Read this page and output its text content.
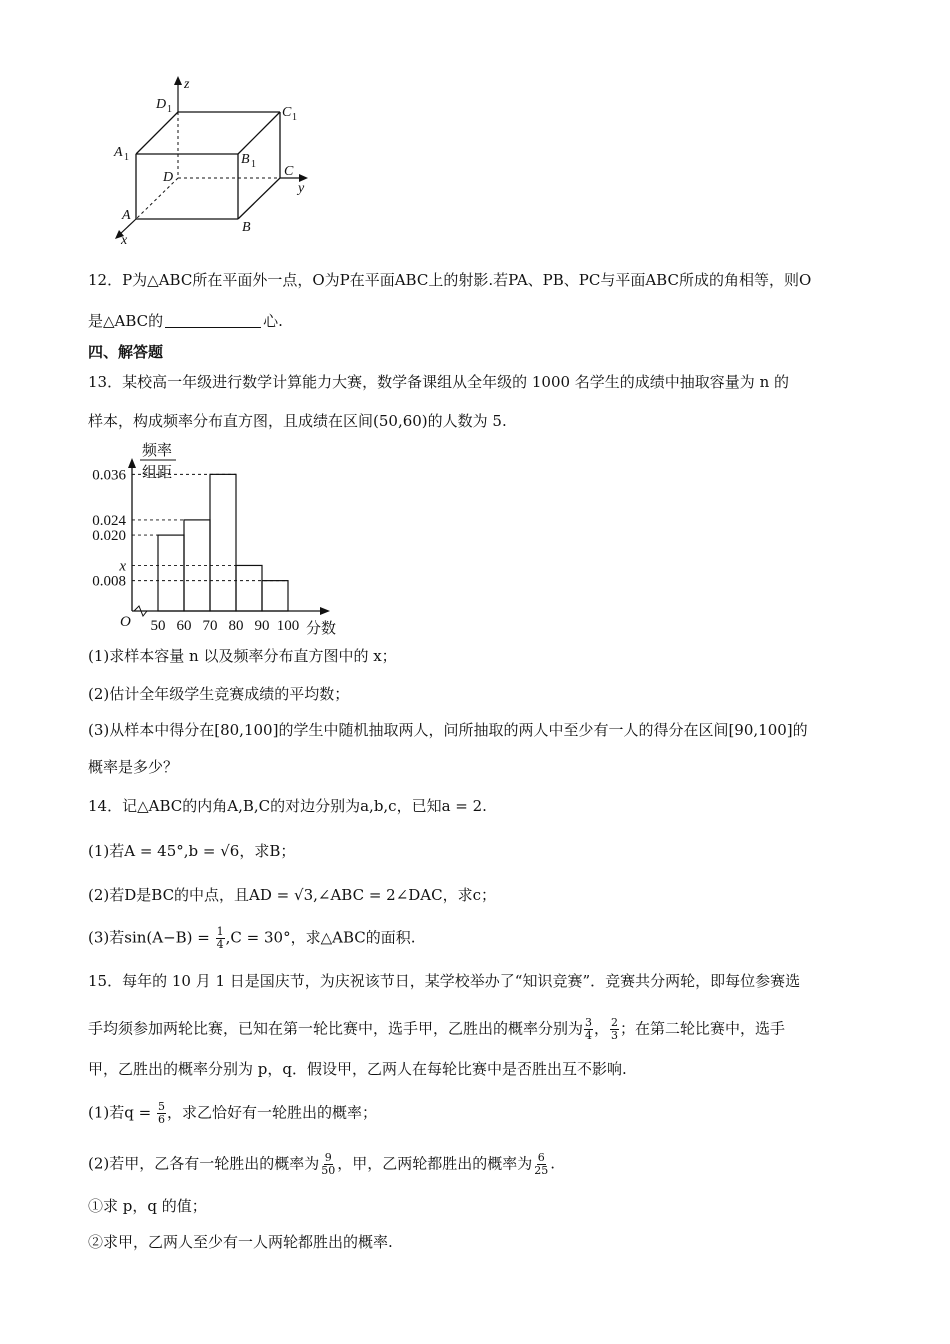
z
y
x
D 1	C 1
A 1	B 1
D	C
A
B
12．P为△ABC所在平面外一点，O为P在平面ABC上的射影.若PA、PB、PC与平面ABC所成的角相等，则O
是△ABC的	心.
四、解答题
13．某校高一年级进行数学计算能力大赛，数学备课组从全年级的 1000 名学生的成绩中抽取容量为 n 的
样本，构成频率分布直方图，且成绩在区间(50,60)的人数为 5.
0.036
0.024
0.020
x
0.008
50 60 70 80 90 100
O	分数
频率
组距
(1)求样本容量 n 以及频率分布直方图中的 x；
(2)估计全年级学生竞赛成绩的平均数；
(3)从样本中得分在[80,100]的学生中随机抽取两人，问所抽取的两人中至少有一人的得分在区间[90,100]的
概率是多少？
14．记△ABC的内角A,B,C的对边分别为a,b,c，已知a = 2.
(1)若A = 45°,b = √6，求B；
(2)若D是BC的中点，且AD = √3,∠ABC = 2∠DAC，求c；
(3)若$\sin(A-B) = \frac{1}{4} ,C = 30^\circ$，求△ABC的面积.
15．每年的 10 月 1 日是国庆节，为庆祝该节日，某学校举办了“知识竞赛”．竞赛共分两轮，即每位参赛选
手均须参加两轮比赛，已知在第一轮比赛中，选手甲，乙胜出的概率分别为 $\frac{3}{4}$ ， $\frac{2}{3}$ ；在第二轮比赛中，选手
甲，乙胜出的概率分别为 p，q．假设甲，乙两人在每轮比赛中是否胜出互不影响.
(1)若$q = \frac{5}{6}$ ，求乙恰好有一轮胜出的概率；
(2)若甲，乙各有一轮胜出的概率为 $\frac{9}{50}$ ，甲，乙两轮都胜出的概率为 $\frac{6}{25}$ .
①求 p，q 的值；
②求甲，乙两人至少有一人两轮都胜出的概率.
